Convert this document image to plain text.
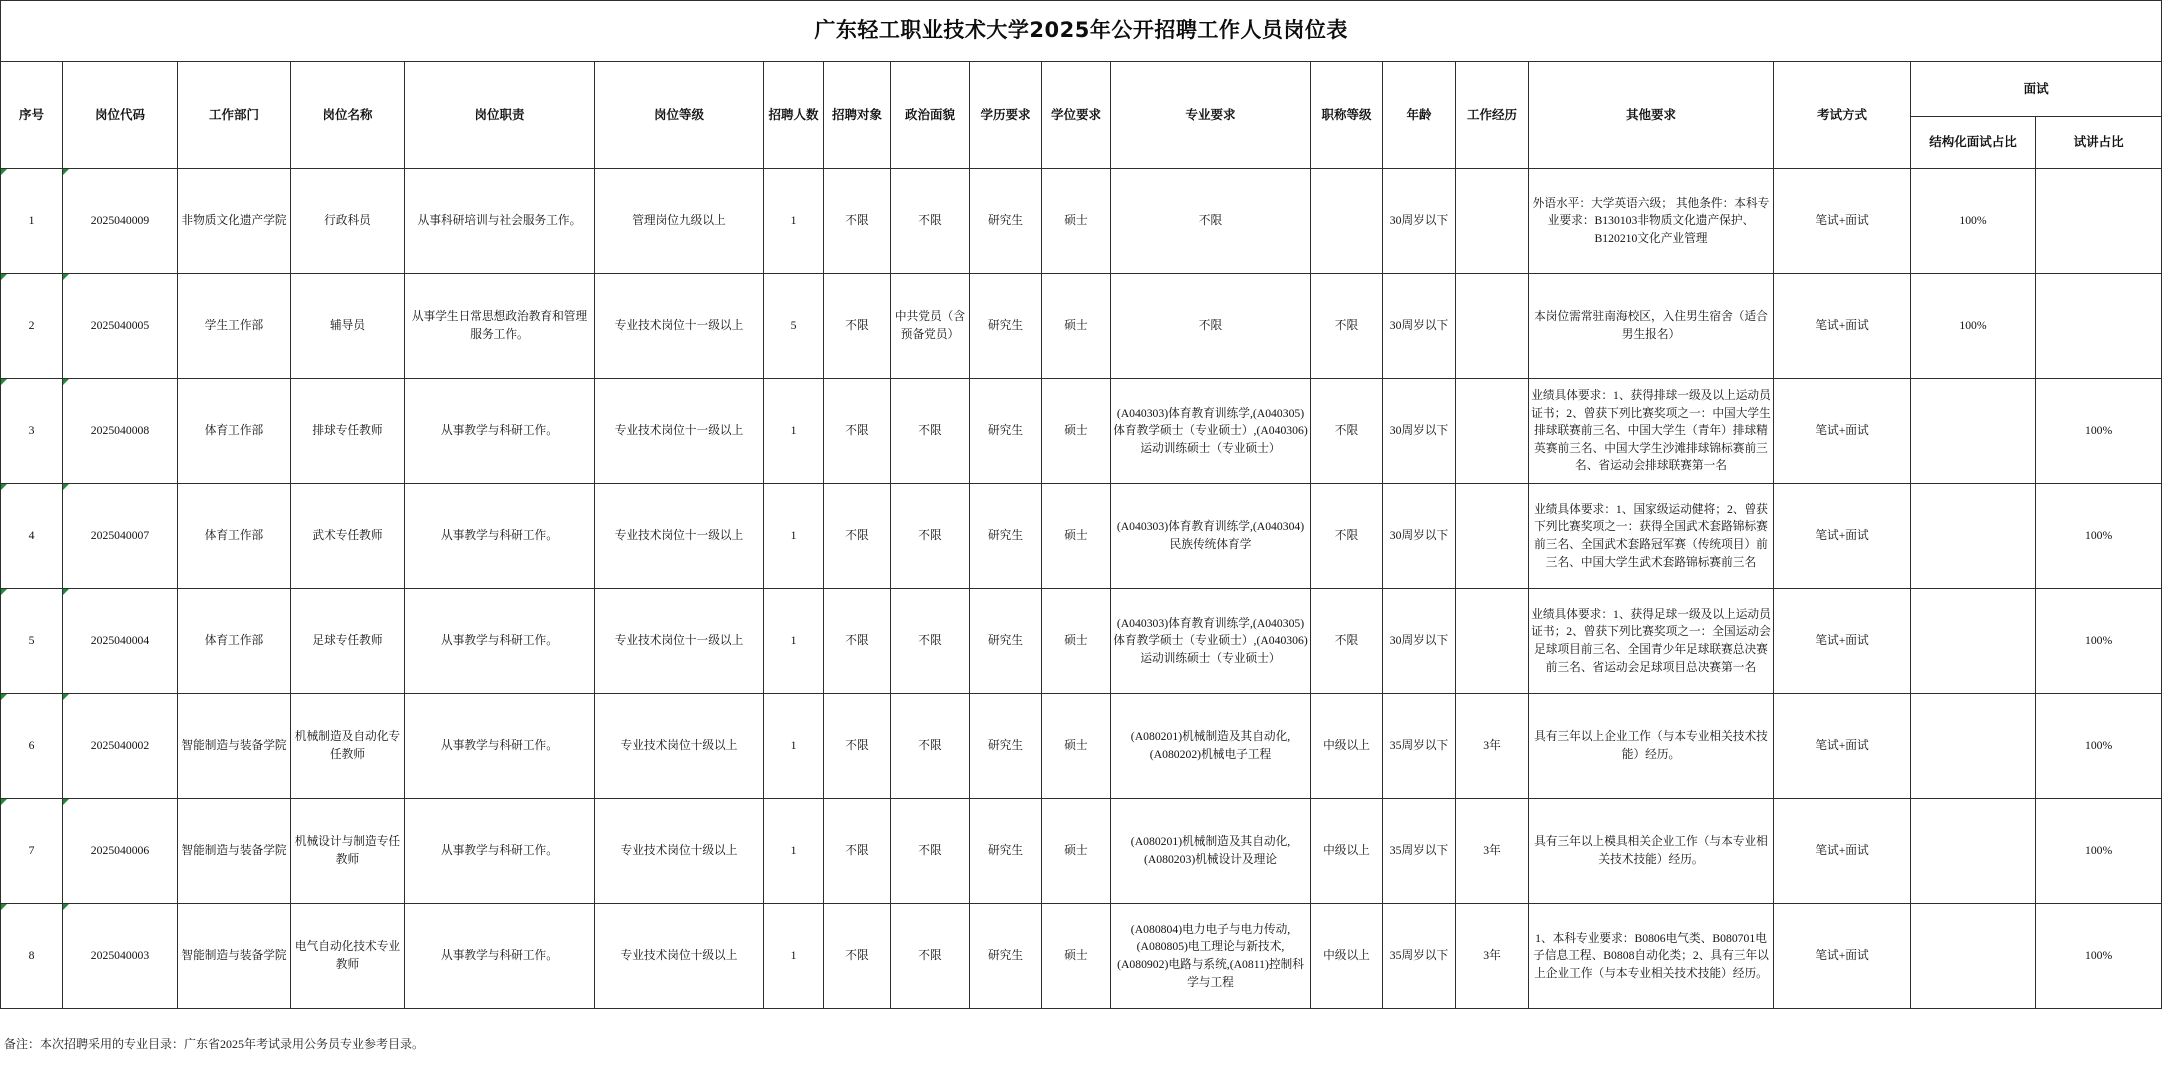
广东轻工职业技术大学2025年公开招聘工作人员岗位表																		
序号	岗位代码	工作部门	岗位名称	岗位职责	岗位等级	招聘人数	招聘对象	政治面貌	学历要求	学位要求	专业要求	职称等级	年龄	工作经历	其他要求	考试方式	面试	
																	结构化面试占比	试讲占比
1	2025040009	非物质文化遗产学院	行政科员	从事科研培训与社会服务工作。	管理岗位九级以上	1	不限	不限	研究生	硕士	不限		30周岁以下		外语水平：大学英语六级； 其他条件：本科专业要求：B130103非物质文化遗产保护、B120210文化产业管理	笔试+面试	100%	
2	2025040005	学生工作部	辅导员	从事学生日常思想政治教育和管理服务工作。	专业技术岗位十一级以上	5	不限	中共党员（含预备党员）	研究生	硕士	不限	不限	30周岁以下		本岗位需常驻南海校区，入住男生宿舍（适合男生报名）	笔试+面试	100%	
3	2025040008	体育工作部	排球专任教师	从事教学与科研工作。	专业技术岗位十一级以上	1	不限	不限	研究生	硕士	(A040303)体育教育训练学,(A040305)体育教学硕士（专业硕士）,(A040306)运动训练硕士（专业硕士）	不限	30周岁以下		业绩具体要求：1、获得排球一级及以上运动员证书；2、曾获下列比赛奖项之一：中国大学生排球联赛前三名、中国大学生（青年）排球精英赛前三名、中国大学生沙滩排球锦标赛前三名、省运动会排球联赛第一名	笔试+面试		100%
4	2025040007	体育工作部	武术专任教师	从事教学与科研工作。	专业技术岗位十一级以上	1	不限	不限	研究生	硕士	(A040303)体育教育训练学,(A040304)民族传统体育学	不限	30周岁以下		业绩具体要求：1、国家级运动健将；2、曾获下列比赛奖项之一：获得全国武术套路锦标赛前三名、全国武术套路冠军赛（传统项目）前三名、中国大学生武术套路锦标赛前三名	笔试+面试		100%
5	2025040004	体育工作部	足球专任教师	从事教学与科研工作。	专业技术岗位十一级以上	1	不限	不限	研究生	硕士	(A040303)体育教育训练学,(A040305)体育教学硕士（专业硕士）,(A040306)运动训练硕士（专业硕士）	不限	30周岁以下		业绩具体要求：1、获得足球一级及以上运动员证书；2、曾获下列比赛奖项之一：全国运动会足球项目前三名、全国青少年足球联赛总决赛前三名、省运动会足球项目总决赛第一名	笔试+面试		100%
6	2025040002	智能制造与装备学院	机械制造及自动化专任教师	从事教学与科研工作。	专业技术岗位十级以上	1	不限	不限	研究生	硕士	(A080201)机械制造及其自动化,(A080202)机械电子工程	中级以上	35周岁以下	3年	具有三年以上企业工作（与本专业相关技术技能）经历。	笔试+面试		100%
7	2025040006	智能制造与装备学院	机械设计与制造专任教师	从事教学与科研工作。	专业技术岗位十级以上	1	不限	不限	研究生	硕士	(A080201)机械制造及其自动化,(A080203)机械设计及理论	中级以上	35周岁以下	3年	具有三年以上模具相关企业工作（与本专业相关技术技能）经历。	笔试+面试		100%
8	2025040003	智能制造与装备学院	电气自动化技术专业教师	从事教学与科研工作。	专业技术岗位十级以上	1	不限	不限	研究生	硕士	(A080804)电力电子与电力传动,(A080805)电工理论与新技术,(A080902)电路与系统,(A0811)控制科学与工程	中级以上	35周岁以下	3年	1、本科专业要求：B0806电气类、B080701电子信息工程、B0808自动化类；2、具有三年以上企业工作（与本专业相关技术技能）经历。	笔试+面试		100%
备注：本次招聘采用的专业目录：广东省2025年考试录用公务员专业参考目录。
